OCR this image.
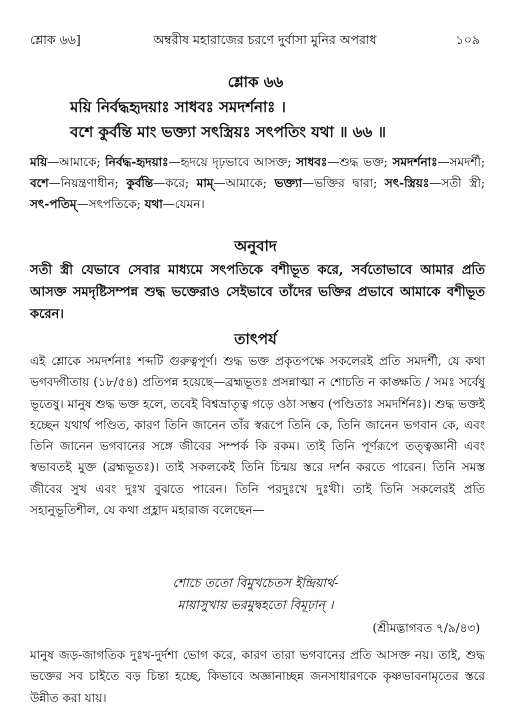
শ্লোক ৬৬]	অম্বরীষ মহারাজের চরণে দুর্বাসা মুনির অপরাধ	১০৯
শ্লোক ৬৬
ময়ি নির্বদ্ধহৃদয়াঃ সাধবঃ সমদর্শনাঃ ।
বশে কুর্বন্তি মাং ভক্ত্যা সৎস্ত্রিয়ঃ সৎপতিং যথা ॥ ৬৬ ॥
ময়ি—আমাকে; নির্বদ্ধ-হৃদয়াঃ—হৃদয়ে দৃঢ়ভাবে আসক্ত; সাধবঃ—শুদ্ধ ভক্ত; সমদর্শনাঃ—সমদর্শী; বশে—নিয়ন্ত্রণাধীন; কুর্বন্তি—করে; মাম্—আমাকে; ভক্ত্যা—ভক্তির দ্বারা; সৎ-স্ত্রিয়ঃ—সতী স্ত্রী; সৎ-পতিম্—সৎপতিকে; যথা—যেমন।
অনুবাদ
সতী স্ত্রী যেভাবে সেবার মাধ্যমে সৎপতিকে বশীভূত করে, সর্বতোভাবে আমার প্রতি আসক্ত সমদৃষ্টিসম্পন্ন শুদ্ধ ভক্তেরাও সেইভাবে তাঁদের ভক্তির প্রভাবে আমাকে বশীভূত করেন।
তাৎপর্য
এই শ্লোকে সমদর্শনাঃ শব্দটি গুরুত্বপূর্ণ। শুদ্ধ ভক্ত প্রকৃতপক্ষে সকলেরই প্রতি সমদর্শী, যে কথা ভগবদ্গীতায় (১৮/৫৪) প্রতিপন্ন হয়েছে—ব্রহ্মভূতঃ প্রসন্নাত্মা ন শোচতি ন কাঙ্ক্ষতি / সমঃ সর্বেষু ভূতেষু। মানুষ শুদ্ধ ভক্ত হলে, তবেই বিশ্বভ্রাতৃত্ব গড়ে ওঠা সম্ভব (পণ্ডিতাঃ সমদর্শিনঃ)। শুদ্ধ ভক্তই হচ্ছেন যথার্থ পণ্ডিত, কারণ তিনি জানেন তাঁর স্বরূপে তিনি কে, তিনি জানেন ভগবান কে, এবং তিনি জানেন ভগবানের সঙ্গে জীবের সম্পর্ক কি রকম। তাই তিনি পূর্ণরূপে তত্ত্বজ্ঞানী এবং স্বভাবতই মুক্ত (ব্রহ্মভূতঃ)। তাই সকলকেই তিনি চিন্ময় স্তরে দর্শন করতে পারেন। তিনি সমস্ত জীবের সুখ এবং দুঃখ বুঝতে পারেন। তিনি পরদুঃখে দুঃখী। তাই তিনি সকলেরই প্রতি সহানুভূতিশীল, যে কথা প্রহ্লাদ মহারাজ বলেছেন—
শোচে ততো বিমুখচেতস ইন্দ্রিয়ার্থ-
মায়াসুখায় ভরমুদ্বহতো বিমূঢ়ান্ ।
(শ্রীমদ্ভাগবত ৭/৯/৪৩)
মানুষ জড়-জাগতিক দুঃখ-দুর্দশা ভোগ করে, কারণ তারা ভগবানের প্রতি আসক্ত নয়। তাই, শুদ্ধ ভক্তের সব চাইতে বড় চিন্তা হচ্ছে, কিভাবে অজ্ঞানাচ্ছন্ন জনসাধারণকে কৃষ্ণভাবনামৃতের স্তরে উন্নীত করা যায়।
